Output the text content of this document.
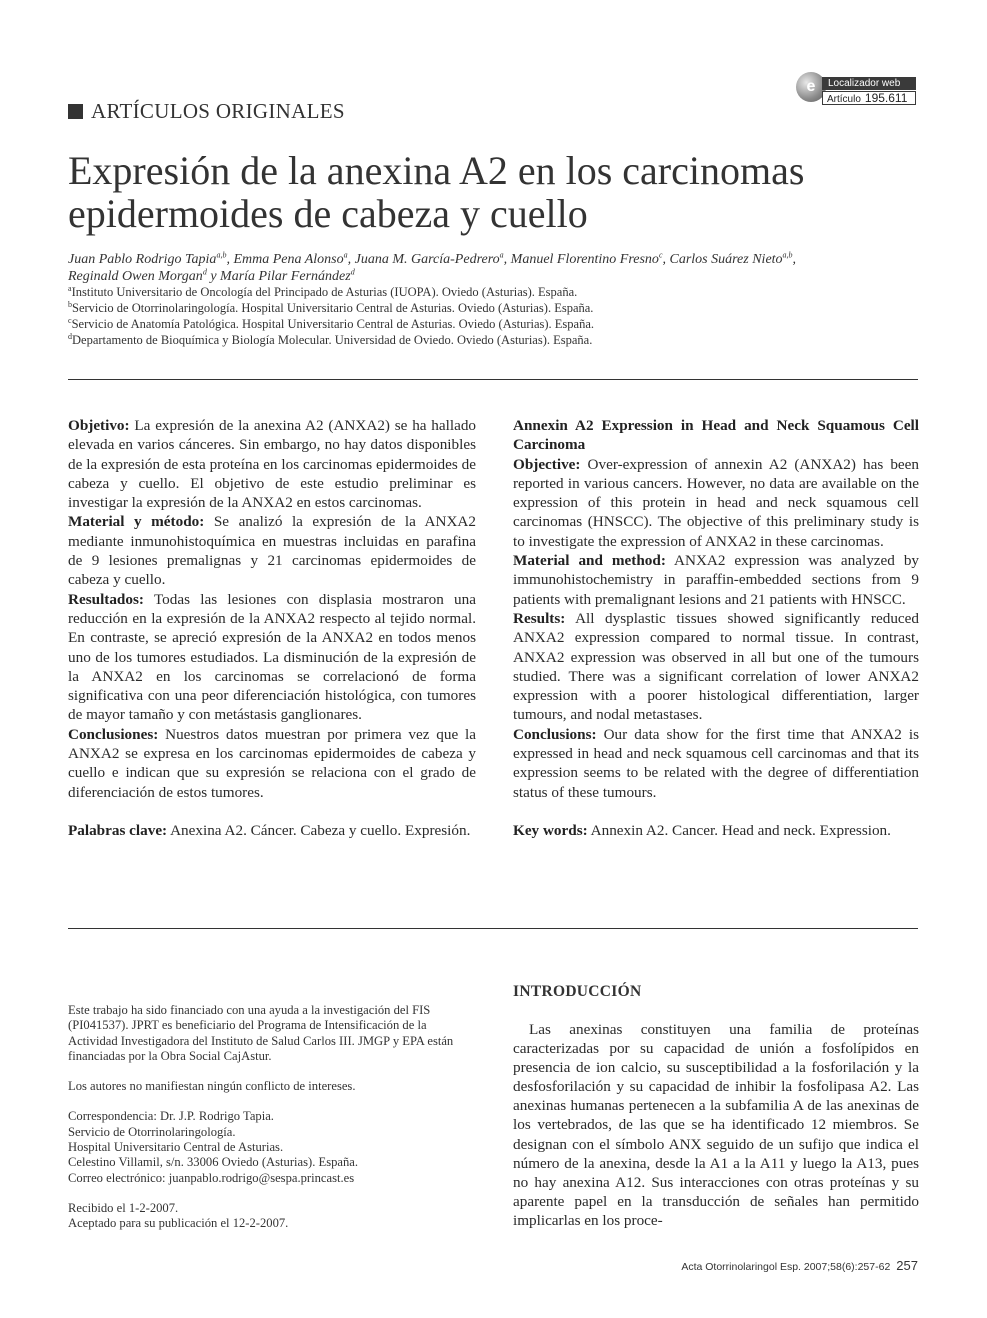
e	Localizador web
Artículo 195.611
ARTÍCULOS ORIGINALES
Expresión de la anexina A2 en los carcinomas epidermoides de cabeza y cuello
Juan Pablo Rodrigo Tapia$^{a,b}$, Emma Pena Alonso$^a$, Juana M. García-Pedrero$^a$, Manuel Florentino Fresno$^c$, Carlos Suárez Nieto$^{a,b}$,
Reginald Owen Morgan$^d$ y María Pilar Fernández$^d$
$^a$Instituto Universitario de Oncología del Principado de Asturias (IUOPA). Oviedo (Asturias). España.
$^b$Servicio de Otorrinolaringología. Hospital Universitario Central de Asturias. Oviedo (Asturias). España.
$^c$Servicio de Anatomía Patológica. Hospital Universitario Central de Asturias. Oviedo (Asturias). España.
$^d$Departamento de Bioquímica y Biología Molecular. Universidad de Oviedo. Oviedo (Asturias). España.

Objetivo: La expresión de la anexina A2 (ANXA2) se ha hallado elevada en varios cánceres. Sin embargo, no hay datos disponibles de la expresión de esta proteína en los carcinomas epidermoides de cabeza y cuello. El objetivo de este estudio preliminar es investigar la expresión de la ANXA2 en estos carcinomas.

Material y método: Se analizó la expresión de la ANXA2 mediante inmunohistoquímica en muestras incluidas en parafina de 9 lesiones premalignas y 21 carcinomas epidermoides de cabeza y cuello.

Resultados: Todas las lesiones con displasia mostraron una reducción en la expresión de la ANXA2 respecto al tejido normal. En contraste, se apreció expresión de la ANXA2 en todos menos uno de los tumores estudiados. La disminución de la expresión de la ANXA2 en los carcinomas se correlacionó de forma significativa con una peor diferenciación histológica, con tumores de mayor tamaño y con metástasis ganglionares.

Conclusiones: Nuestros datos muestran por primera vez que la ANXA2 se expresa en los carcinomas epidermoides de cabeza y cuello e indican que su expresión se relaciona con el grado de diferenciación de estos tumores.

Palabras clave: Anexina A2. Cáncer. Cabeza y cuello. Expresión.

Annexin A2 Expression in Head and Neck Squamous Cell Carcinoma

Objective: Over-expression of annexin A2 (ANXA2) has been reported in various cancers. However, no data are available on the expression of this protein in head and neck squamous cell carcinomas (HNSCC). The objective of this preliminary study is to investigate the expression of ANXA2 in these carcinomas.

Material and method: ANXA2 expression was analyzed by immunohistochemistry in paraffin-embedded sections from 9 patients with premalignant lesions and 21 patients with HNSCC.

Results: All dysplastic tissues showed significantly reduced ANXA2 expression compared to normal tissue. In contrast, ANXA2 expression was observed in all but one of the tumours studied. There was a significant correlation of lower ANXA2 expression with a poorer histological differentiation, larger tumours, and nodal metastases.

Conclusions: Our data show for the first time that ANXA2 is expressed in head and neck squamous cell carcinomas and that its expression seems to be related with the degree of differentiation status of these tumours.

Key words: Annexin A2. Cancer. Head and neck. Expression.

Este trabajo ha sido financiado con una ayuda a la investigación del FIS (PI041537). JPRT es beneficiario del Programa de Intensificación de la Actividad Investigadora del Instituto de Salud Carlos III. JMGP y EPA están financiadas por la Obra Social CajAstur.

Los autores no manifiestan ningún conflicto de intereses.

Correspondencia: Dr. J.P. Rodrigo Tapia.
Servicio de Otorrinolaringología.
Hospital Universitario Central de Asturias.
Celestino Villamil, s/n. 33006 Oviedo (Asturias). España.
Correo electrónico: juanpablo.rodrigo@sespa.princast.es

Recibido el 1-2-2007.
Aceptado para su publicación el 12-2-2007.

INTRODUCCIÓN
Las anexinas constituyen una familia de proteínas caracterizadas por su capacidad de unión a fosfolípidos en presencia de ion calcio, su susceptibilidad a la fosforilación y la desfosforilación y su capacidad de inhibir la fosfolipasa A2. Las anexinas humanas pertenecen a la subfamilia A de las anexinas de los vertebrados, de las que se ha identificado 12 miembros. Se designan con el símbolo ANX seguido de un sufijo que indica el número de la anexina, desde la A1 a la A11 y luego la A13, pues no hay anexina A12. Sus interacciones con otras proteínas y su aparente papel en la transducción de señales han permitido implicarlas en los proce-
Acta Otorrinolaringol Esp. 2007;58(6):257-62 257
